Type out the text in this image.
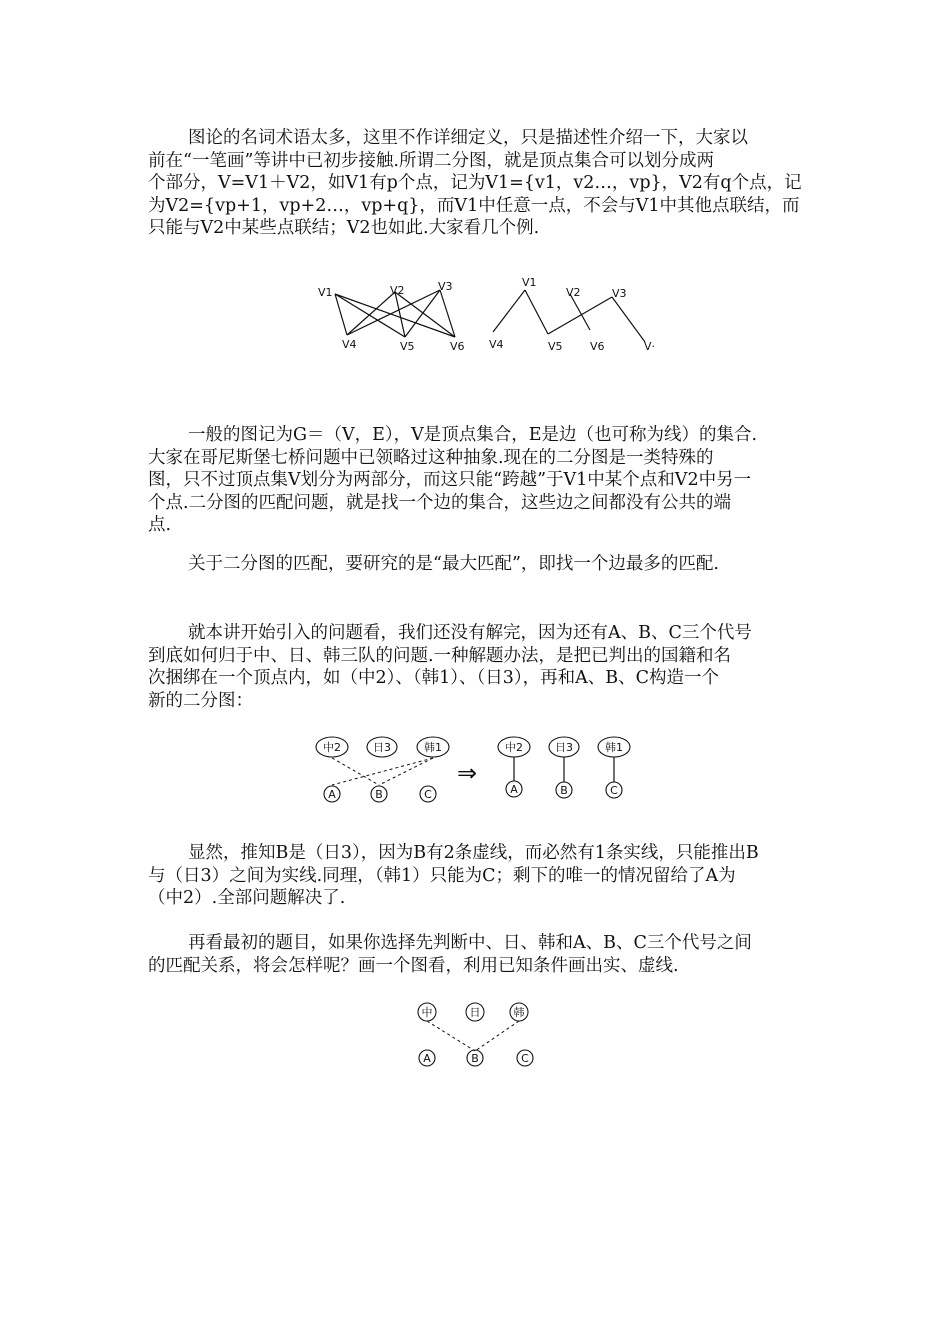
图论的名词术语太多，这里不作详细定义，只是描述性介绍一下，大家以
前在“一笔画”等讲中已初步接触.所谓二分图，就是顶点集合可以划分成两
个部分，V=V1＋V2，如V1有p个点，记为V1={v1，v2…，vp}，V2有q个点，记
为V2={vp+1，vp+2…，vp+q}，而V1中任意一点，不会与V1中其他点联结，而
只能与V2中某些点联结；V2也如此.大家看几个例.
V1	V2	V3
V4	V5	V6
V1
V2	V3
V4	V5 V6	V·
一般的图记为G＝（V，E），V是顶点集合，E是边（也可称为线）的集合.
大家在哥尼斯堡七桥问题中已领略过这种抽象.现在的二分图是一类特殊的
图，只不过顶点集V划分为两部分，而这只能“跨越”于V1中某个点和V2中另一
个点.二分图的匹配问题，就是找一个边的集合，这些边之间都没有公共的端
点.
关于二分图的匹配，要研究的是“最大匹配”，即找一个边最多的匹配.
就本讲开始引入的问题看，我们还没有解完，因为还有A、B、C三个代号
到底如何归于中、日、韩三队的问题.一种解题办法，是把已判出的国籍和名
次捆绑在一个顶点内，如（中2）、（韩1）、（日3），再和A、B、C构造一个
新的二分图：
中2	日3	韩1
A	B	C
⇒
中2	日3	韩1
A	B	C
显然，推知B是（日3），因为B有2条虚线，而必然有1条实线，只能推出B
与（日3）之间为实线.同理，（韩1）只能为C；剩下的唯一的情况留给了A为
（中2）.全部问题解决了.
再看最初的题目，如果你选择先判断中、日、韩和A、B、C三个代号之间
的匹配关系，将会怎样呢？画一个图看，利用已知条件画出实、虚线.
中	日	韩
A	B	C
